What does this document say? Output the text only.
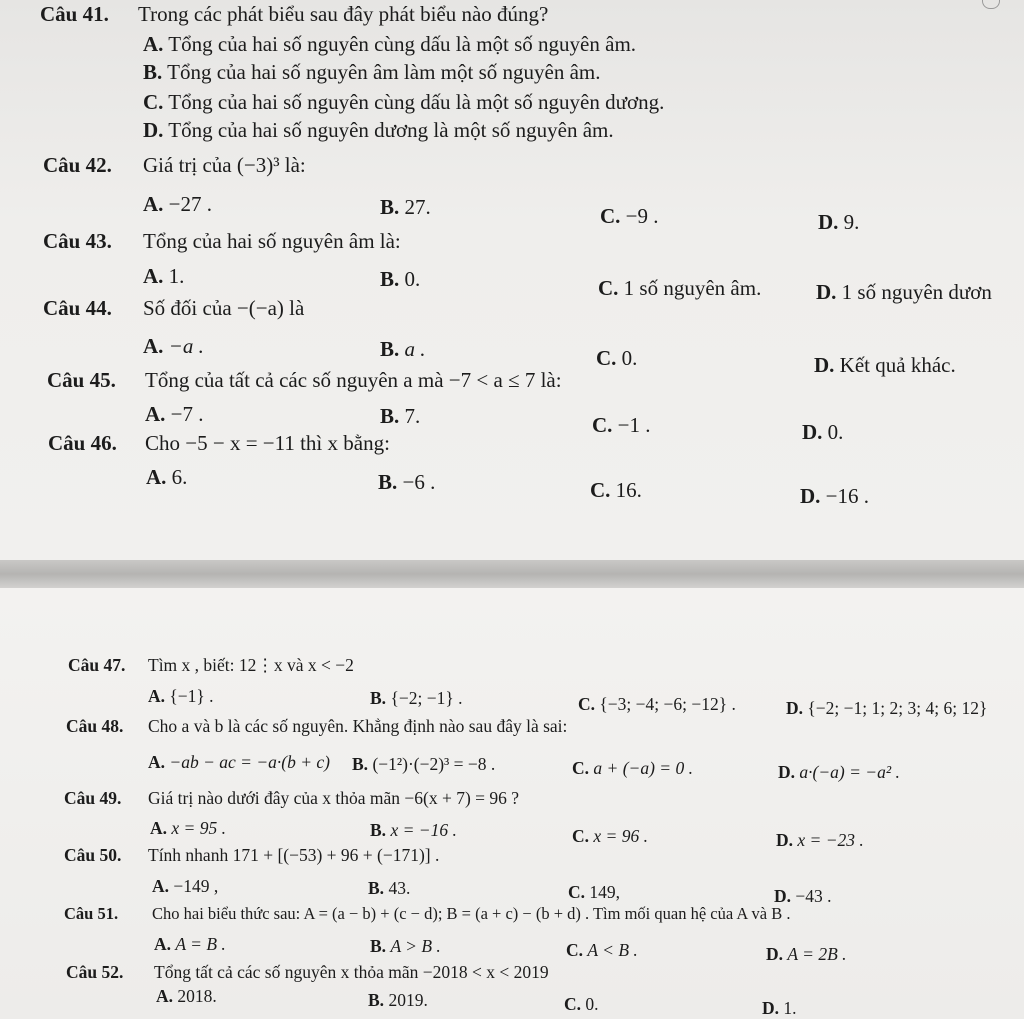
Câu 41. Trong các phát biểu sau đây phát biểu nào đúng?
A. Tổng của hai số nguyên cùng dấu là một số nguyên âm.
B. Tổng của hai số nguyên âm làm một số nguyên âm.
C. Tổng của hai số nguyên cùng dấu là một số nguyên dương.
D. Tổng của hai số nguyên dương là một số nguyên âm.
Câu 42. Giá trị của (−3)³ là:
A. −27 .	B. 27.	C. −9 .	D. 9.
Câu 43. Tổng của hai số nguyên âm là:
A. 1.	B. 0.	C. 1 số nguyên âm.	D. 1 số nguyên dươn
Câu 44. Số đối của −(−a) là
A. −a .	B. a .	C. 0.	D. Kết quả khác.
Câu 45. Tổng của tất cả các số nguyên a mà −7 < a ≤ 7 là:
A. −7 .	B. 7.	C. −1 .	D. 0.
Câu 46. Cho −5 − x = −11 thì x bằng:
A. 6.	B. −6 .	C. 16.	D. −16 .
Câu 47. Tìm x , biết: 12⋮x và x < −2
A. {−1} .	B. {−2; −1} .	C. {−3; −4; −6; −12} .	D. {−2; −1; 1; 2; 3; 4; 6; 12}
Câu 48. Cho a và b là các số nguyên. Khẳng định nào sau đây là sai:
A. −ab − ac = −a·(b + c) B. (−1²)·(−2)³ = −8 .	C. a + (−a) = 0 .	D. a·(−a) = −a² .
Câu 49. Giá trị nào dưới đây của x thỏa mãn −6(x + 7) = 96 ?
A. x = 95 .	B. x = −16 .	C. x = 96 .	D. x = −23 .
Câu 50. Tính nhanh 171 + [(−53) + 96 + (−171)] .
A. −149 ,	B. 43.	C. 149,	D. −43 .
Câu 51. Cho hai biểu thức sau: A = (a − b) + (c − d); B = (a + c) − (b + d) . Tìm mối quan hệ của A và B .
A. A = B .	B. A > B .	C. A < B .	D. A = 2B .
Câu 52. Tổng tất cả các số nguyên x thỏa mãn −2018 < x < 2019
A. 2018.	B. 2019.	C. 0.	D. 1.
